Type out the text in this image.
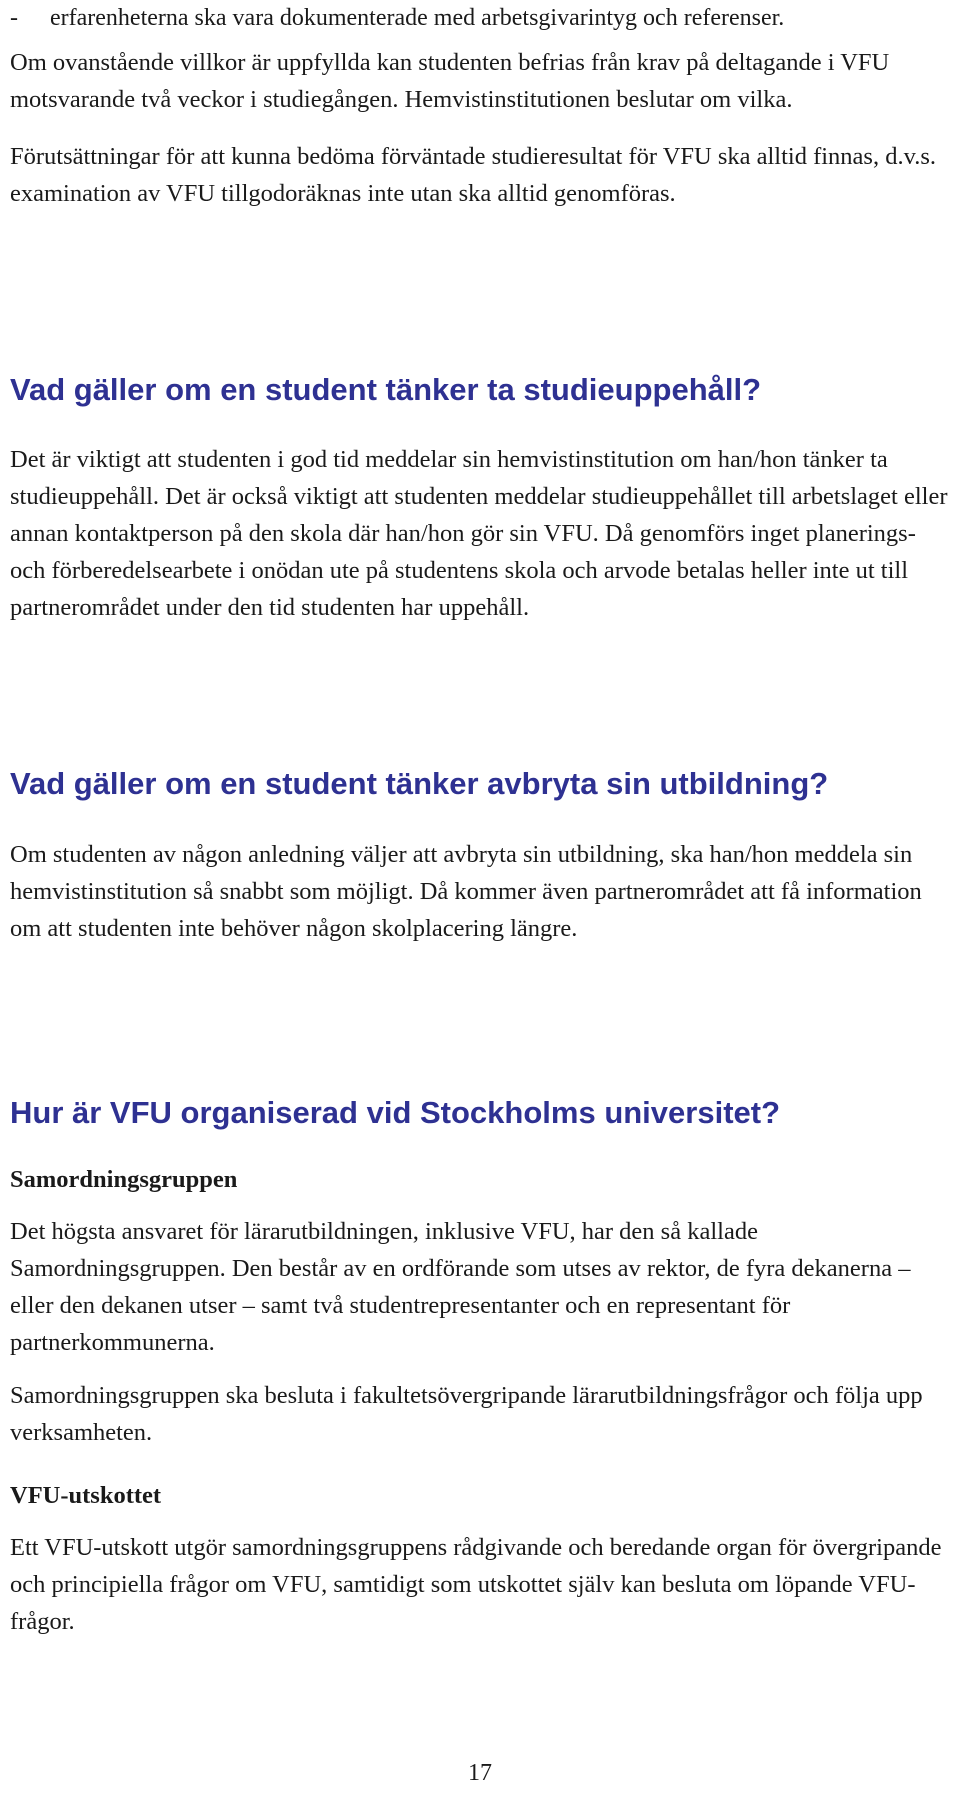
- erfarenheterna ska vara dokumenterade med arbetsgivarintyg och referenser.

Om ovanstående villkor är uppfyllda kan studenten befrias från krav på deltagande i VFU motsvarande två veckor i studiegången. Hemvistinstitutionen beslutar om vilka.

Förutsättningar för att kunna bedöma förväntade studieresultat för VFU ska alltid finnas, d.v.s. examination av VFU tillgodoräknas inte utan ska alltid genomföras.

Vad gäller om en student tänker ta studieuppehåll?

Det är viktigt att studenten i god tid meddelar sin hemvistinstitution om han/hon tänker ta studieuppehåll. Det är också viktigt att studenten meddelar studieuppehållet till arbetslaget eller annan kontaktperson på den skola där han/hon gör sin VFU. Då genomförs inget planerings- och förberedelsearbete i onödan ute på studentens skola och arvode betalas heller inte ut till partnerområdet under den tid studenten har uppehåll.

Vad gäller om en student tänker avbryta sin utbildning?

Om studenten av någon anledning väljer att avbryta sin utbildning, ska han/hon meddela sin hemvistinstitution så snabbt som möjligt. Då kommer även partnerområdet att få information om att studenten inte behöver någon skolplacering längre.

Hur är VFU organiserad vid Stockholms universitet?
Samordningsgruppen

Det högsta ansvaret för lärarutbildningen, inklusive VFU, har den så kallade Samordningsgruppen. Den består av en ordförande som utses av rektor, de fyra dekanerna – eller den dekanen utser – samt två studentrepresentanter och en representant för partnerkommunerna.

Samordningsgruppen ska besluta i fakultetsövergripande lärarutbildningsfrågor och följa upp verksamheten.

VFU-utskottet

Ett VFU-utskott utgör samordningsgruppens rådgivande och beredande organ för övergripande och principiella frågor om VFU, samtidigt som utskottet själv kan besluta om löpande VFU-frågor.

17
